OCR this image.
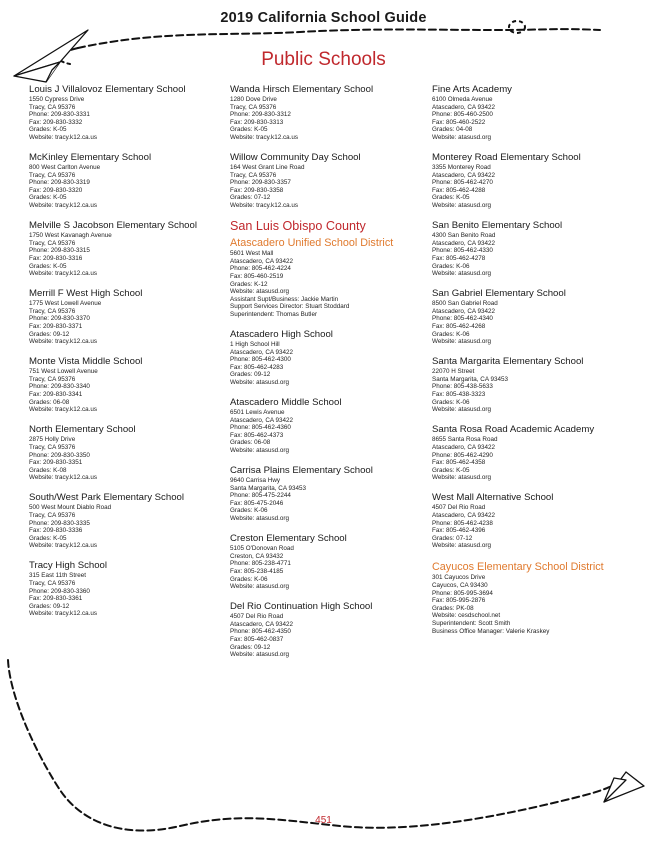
2019 California School Guide
Public Schools
Louis J Villalovoz Elementary School
1550 Cypress Drive
Tracy, CA 95376
Phone: 209-830-3331
Fax: 209-830-3332
Grades: K-05
Website: tracy.k12.ca.us
McKinley Elementary School
800 West Carlton Avenue
Tracy, CA 95376
Phone: 209-830-3319
Fax: 209-830-3320
Grades: K-05
Website: tracy.k12.ca.us
Melville S Jacobson Elementary School
1750 West Kavanagh Avenue
Tracy, CA 95376
Phone: 209-830-3315
Fax: 209-830-3316
Grades: K-05
Website: tracy.k12.ca.us
Merrill F West High School
1775 West Lowell Avenue
Tracy, CA 95376
Phone: 209-830-3370
Fax: 209-830-3371
Grades: 09-12
Website: tracy.k12.ca.us
Monte Vista Middle School
751 West Lowell Avenue
Tracy, CA 95376
Phone: 209-830-3340
Fax: 209-830-3341
Grades: 06-08
Website: tracy.k12.ca.us
North Elementary School
2875 Holly Drive
Tracy, CA 95376
Phone: 209-830-3350
Fax: 209-830-3351
Grades: K-08
Website: tracy.k12.ca.us
South/West Park Elementary School
500 West Mount Diablo Road
Tracy, CA 95376
Phone: 209-830-3335
Fax: 209-830-3336
Grades: K-05
Website: tracy.k12.ca.us
Tracy High School
315 East 11th Street
Tracy, CA 95376
Phone: 209-830-3360
Fax: 209-830-3361
Grades: 09-12
Website: tracy.k12.ca.us
Wanda Hirsch Elementary School
1280 Dove Drive
Tracy, CA 95376
Phone: 209-830-3312
Fax: 209-830-3313
Grades: K-05
Website: tracy.k12.ca.us
Willow Community Day School
164 West Grant Line Road
Tracy, CA 95376
Phone: 209-830-3357
Fax: 209-830-3358
Grades: 07-12
Website: tracy.k12.ca.us
San Luis Obispo County
Atascadero Unified School District
5601 West Mall
Atascadero, CA 93422
Phone: 805-462-4224
Fax: 805-460-2519
Grades: K-12
Website: atasusd.org
Assistant Supt/Business: Jackie Martin
Support Services Director: Stuart Stoddard
Superintendent: Thomas Butler
Atascadero High School
1 High School Hill
Atascadero, CA 93422
Phone: 805-462-4300
Fax: 805-462-4283
Grades: 09-12
Website: atasusd.org
Atascadero Middle School
6501 Lewis Avenue
Atascadero, CA 93422
Phone: 805-462-4360
Fax: 805-462-4373
Grades: 06-08
Website: atasusd.org
Carrisa Plains Elementary School
9640 Carrisa Hwy
Santa Margarita, CA 93453
Phone: 805-475-2244
Fax: 805-475-2046
Grades: K-06
Website: atasusd.org
Creston Elementary School
5105 O'Donovan Road
Creston, CA 93432
Phone: 805-238-4771
Fax: 805-238-4185
Grades: K-06
Website: atasusd.org
Del Rio Continuation High School
4507 Del Rio Road
Atascadero, CA 93422
Phone: 805-462-4350
Fax: 805-462-0837
Grades: 09-12
Website: atasusd.org
Fine Arts Academy
6100 Olmeda Avenue
Atascadero, CA 93422
Phone: 805-460-2500
Fax: 805-460-2522
Grades: 04-08
Website: atasusd.org
Monterey Road Elementary School
3355 Monterey Road
Atascadero, CA 93422
Phone: 805-462-4270
Fax: 805-462-4288
Grades: K-05
Website: atasusd.org
San Benito Elementary School
4300 San Benito Road
Atascadero, CA 93422
Phone: 805-462-4330
Fax: 805-462-4278
Grades: K-06
Website: atasusd.org
San Gabriel Elementary School
8500 San Gabriel Road
Atascadero, CA 93422
Phone: 805-462-4340
Fax: 805-462-4268
Grades: K-06
Website: atasusd.org
Santa Margarita Elementary School
22070 H Street
Santa Margarita, CA 93453
Phone: 805-438-5633
Fax: 805-438-3323
Grades: K-06
Website: atasusd.org
Santa Rosa Road Academic Academy
8655 Santa Rosa Road
Atascadero, CA 93422
Phone: 805-462-4290
Fax: 805-462-4358
Grades: K-05
Website: atasusd.org
West Mall Alternative School
4507 Del Rio Road
Atascadero, CA 93422
Phone: 805-462-4238
Fax: 805-462-4396
Grades: 07-12
Website: atasusd.org
Cayucos Elementary School District
301 Cayucos Drive
Cayucos, CA 93430
Phone: 805-995-3694
Fax: 805-995-2876
Grades: PK-08
Website: cesdschool.net
Superintendent: Scott Smith
Business Office Manager: Valerie Kraskey
451
